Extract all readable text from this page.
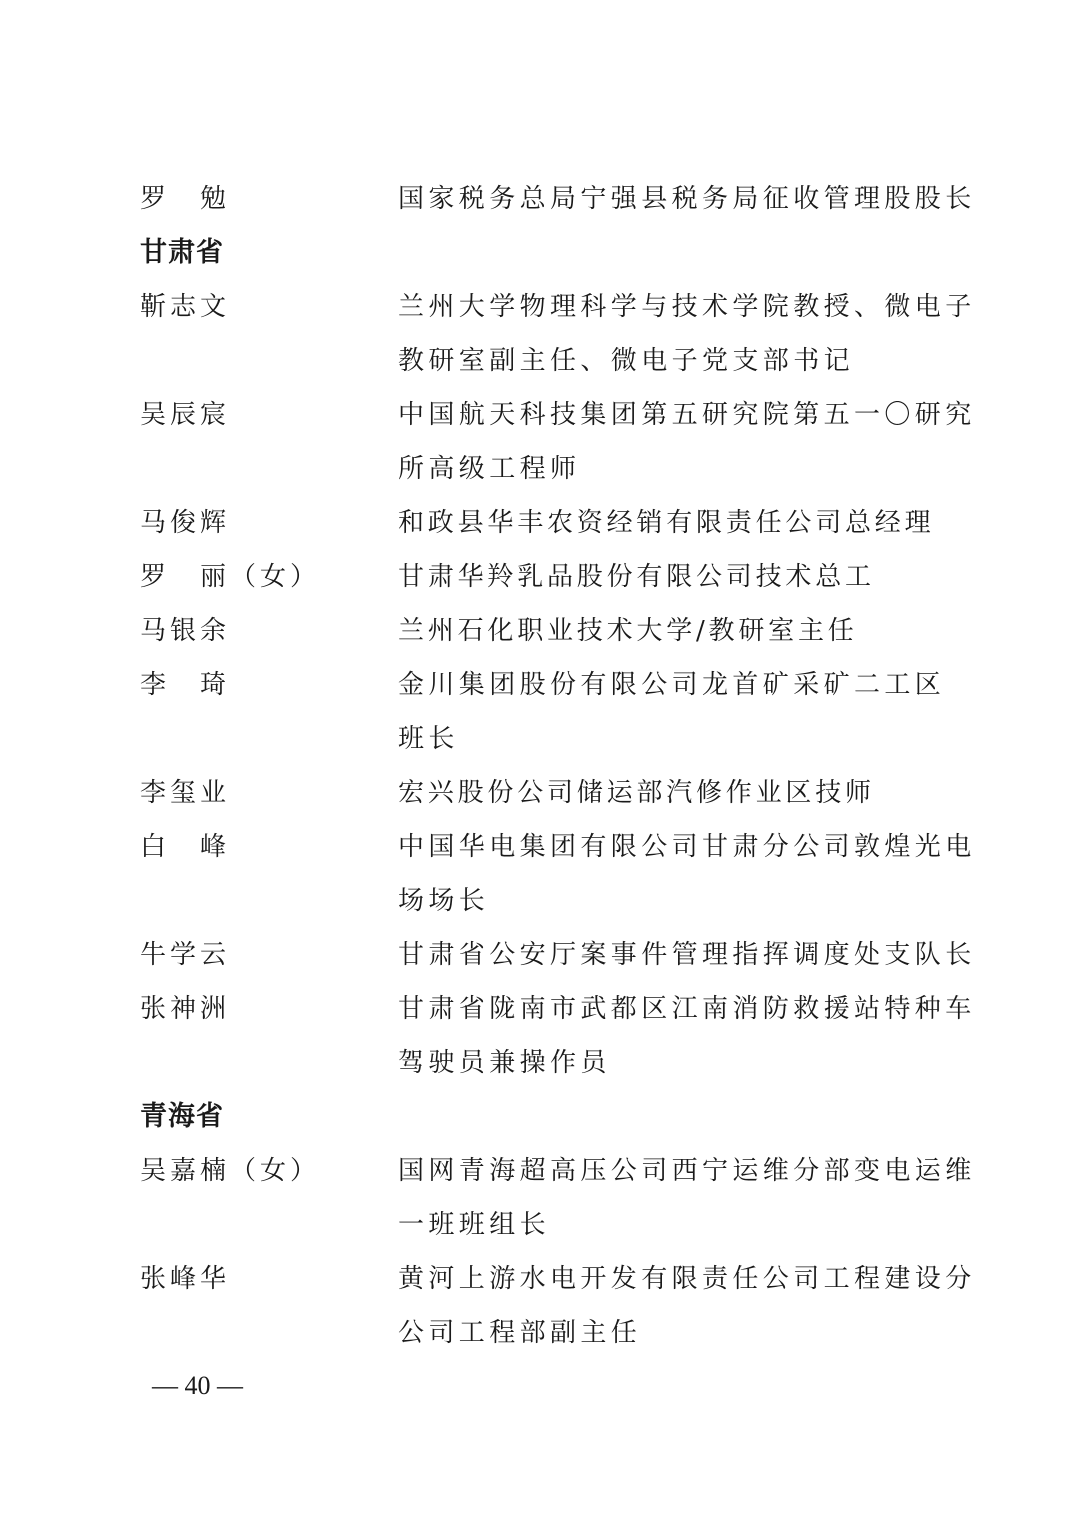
罗　勉	国家税务总局宁强县税务局征收管理股股长
甘肃省
靳志文	兰州大学物理科学与技术学院教授、微电子
教研室副主任、微电子党支部书记
吴辰宸	中国航天科技集团第五研究院第五一〇研究
所高级工程师
马俊辉	和政县华丰农资经销有限责任公司总经理
罗　丽（女）	甘肃华羚乳品股份有限公司技术总工
马银余	兰州石化职业技术大学/教研室主任
李　琦	金川集团股份有限公司龙首矿采矿二工区
班长
李玺业	宏兴股份公司储运部汽修作业区技师
白　峰	中国华电集团有限公司甘肃分公司敦煌光电
场场长
牛学云	甘肃省公安厅案事件管理指挥调度处支队长
张神洲	甘肃省陇南市武都区江南消防救援站特种车
驾驶员兼操作员
青海省
吴嘉楠（女）	国网青海超高压公司西宁运维分部变电运维
一班班组长
张峰华	黄河上游水电开发有限责任公司工程建设分
公司工程部副主任
— 40 —
